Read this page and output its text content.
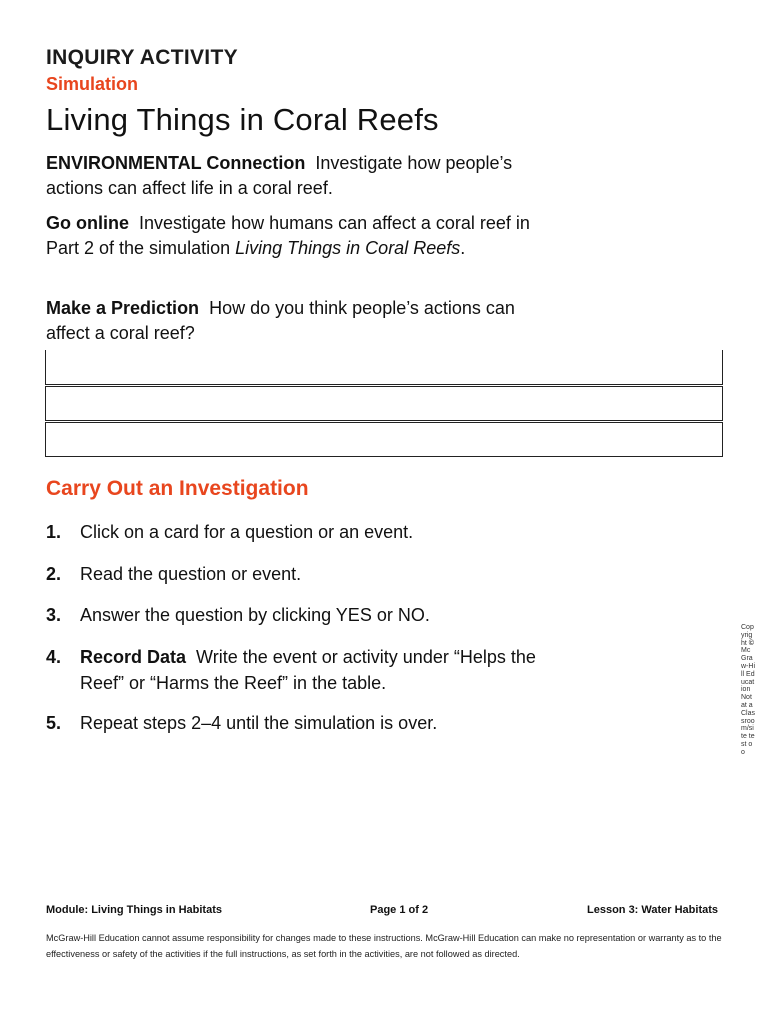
INQUIRY ACTIVITY
Simulation
Living Things in Coral Reefs
ENVIRONMENTAL Connection Investigate how people’s actions can affect life in a coral reef.
Go online Investigate how humans can affect a coral reef in Part 2 of the simulation Living Things in Coral Reefs.
Make a Prediction How do you think people’s actions can affect a coral reef?
Carry Out an Investigation
1. Click on a card for a question or an event.
2. Read the question or event.
3. Answer the question by clicking YES or NO.
4. Record Data Write the event or activity under “Helps the Reef” or “Harms the Reef” in the table.
5. Repeat steps 2–4 until the simulation is over.
Copyright © McGraw-Hill Education Not at a Classroom/site test oo
Module: Living Things in Habitats	Page 1 of 2	Lesson 3: Water Habitats
McGraw-Hill Education cannot assume responsibility for changes made to these instructions. McGraw-Hill Education can make no representation or warranty as to the effectiveness or safety of the activities if the full instructions, as set forth in the activities, are not followed as directed.
